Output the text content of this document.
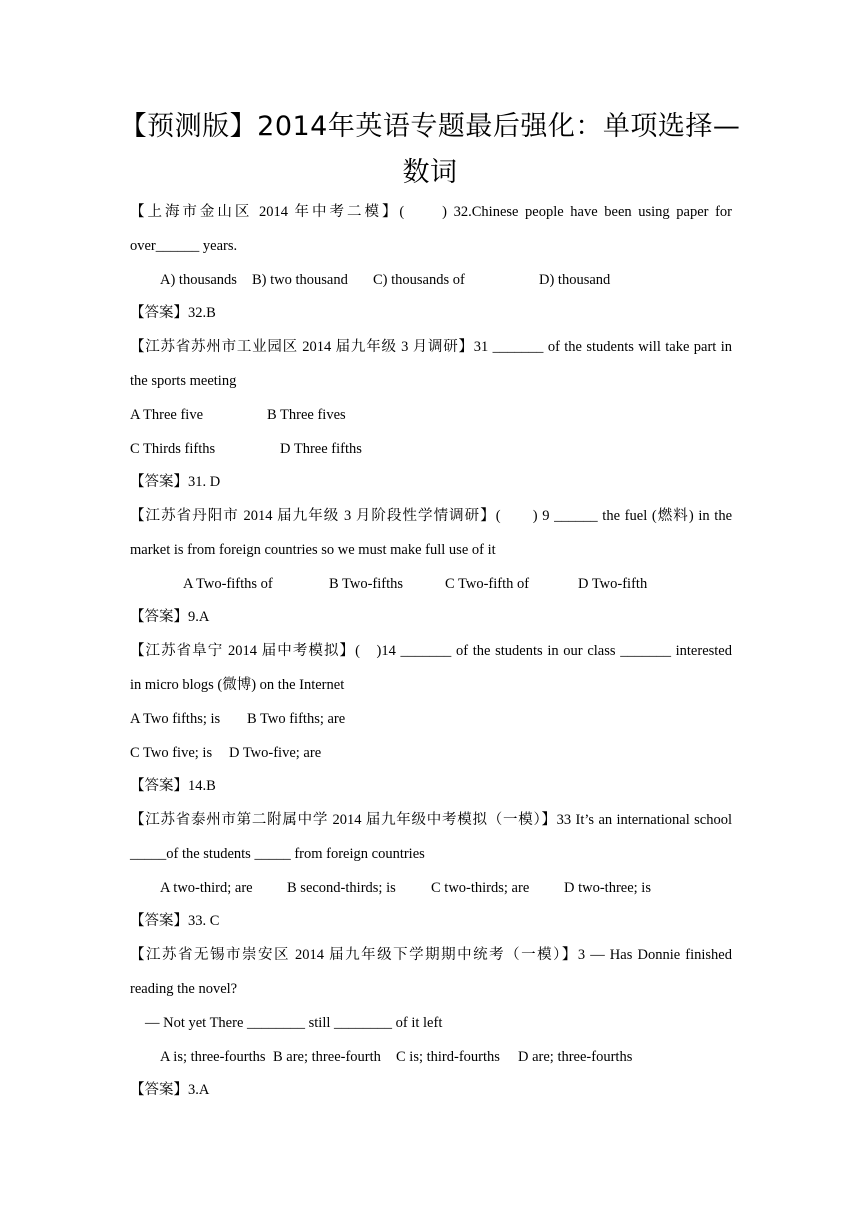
【预测版】2014年英语专题最后强化：单项选择—数词
【上海市金山区 2014 年中考二模】(　　) 32.Chinese people have been using paper for
over______ years.
A) thousands B) two thousand C) thousands of	D) thousand
【答案】32.B
【江苏省苏州市工业园区 2014 届九年级 3 月调研】31 _______ of the students will take part in
the sports meeting
A Three five	B Three fives
C Thirds fifths	D Three fifths
【答案】31. D
【江苏省丹阳市 2014 届九年级 3 月阶段性学情调研】(　　) 9 ______ the fuel (燃料) in the
market is from foreign countries so we must make full use of it
A Two-fifths of	B Two-fifths	C Two-fifth of	D Two-fifth
【答案】9.A
【江苏省阜宁 2014 届中考模拟】(　)14 _______ of the students in our class _______ interested
in micro blogs (微博) on the Internet
A Two fifths; is B Two fifths; are
C Two five; is D Two-five; are
【答案】14.B
【江苏省泰州市第二附属中学 2014 届九年级中考模拟（一模）】33 It’s an international school
_____of the students _____ from foreign countries
A two-third; are B second-thirds; is C two-thirds; are D two-three; is
【答案】33. C
【江苏省无锡市崇安区 2014 届九年级下学期期中统考（一模）】3 — Has Donnie finished
reading the novel?
— Not yet There ________ still ________ of it left
A is; three-fourths B are; three-fourth C is; third-fourths D are; three-fourths
【答案】3.A
